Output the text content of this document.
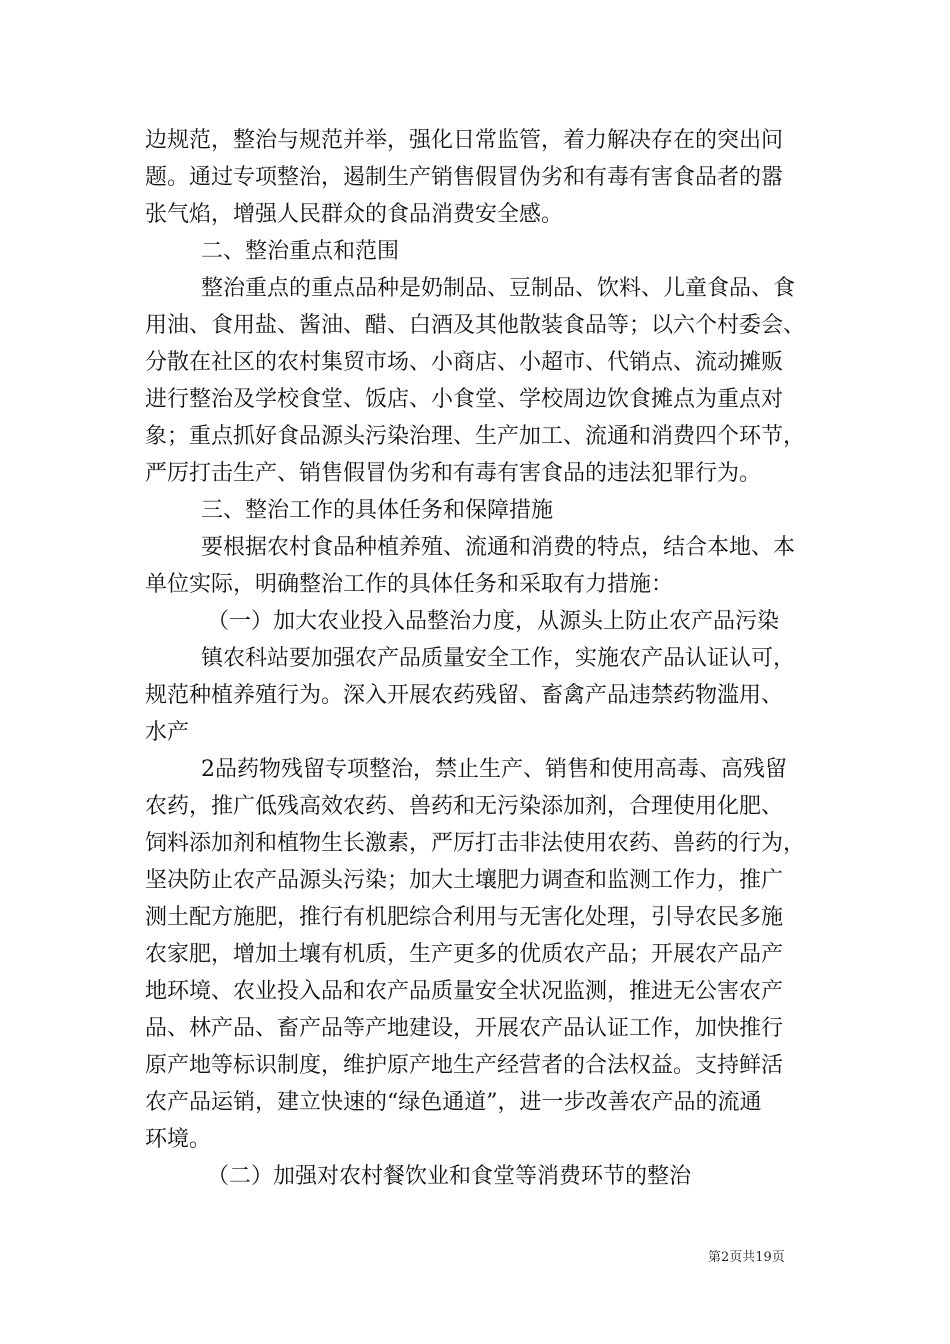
边规范，整治与规范并举，强化日常监管，着力解决存在的突出问
题。通过专项整治，遏制生产销售假冒伪劣和有毒有害食品者的嚣
张气焰，增强人民群众的食品消费安全感。
二、整治重点和范围
整治重点的重点品种是奶制品、豆制品、饮料、儿童食品、食
用油、食用盐、酱油、醋、白酒及其他散装食品等；以六个村委会、
分散在社区的农村集贸市场、小商店、小超市、代销点、流动摊贩
进行整治及学校食堂、饭店、小食堂、学校周边饮食摊点为重点对
象；重点抓好食品源头污染治理、生产加工、流通和消费四个环节，
严厉打击生产、销售假冒伪劣和有毒有害食品的违法犯罪行为。
三、整治工作的具体任务和保障措施
要根据农村食品种植养殖、流通和消费的特点，结合本地、本
单位实际，明确整治工作的具体任务和采取有力措施：
（一）加大农业投入品整治力度，从源头上防止农产品污染
镇农科站要加强农产品质量安全工作，实施农产品认证认可，
规范种植养殖行为。深入开展农药残留、畜禽产品违禁药物滥用、
水产
2品药物残留专项整治，禁止生产、销售和使用高毒、高残留
农药，推广低残高效农药、兽药和无污染添加剂，合理使用化肥、
饲料添加剂和植物生长激素，严厉打击非法使用农药、兽药的行为，
坚决防止农产品源头污染；加大土壤肥力调查和监测工作力，推广
测土配方施肥，推行有机肥综合利用与无害化处理，引导农民多施
农家肥，增加土壤有机质，生产更多的优质农产品；开展农产品产
地环境、农业投入品和农产品质量安全状况监测，推进无公害农产
品、林产品、畜产品等产地建设，开展农产品认证工作，加快推行
原产地等标识制度，维护原产地生产经营者的合法权益。支持鲜活
农产品运销，建立快速的“绿色通道”，进一步改善农产品的流通
环境。
（二）加强对农村餐饮业和食堂等消费环节的整治
第2页共19页
